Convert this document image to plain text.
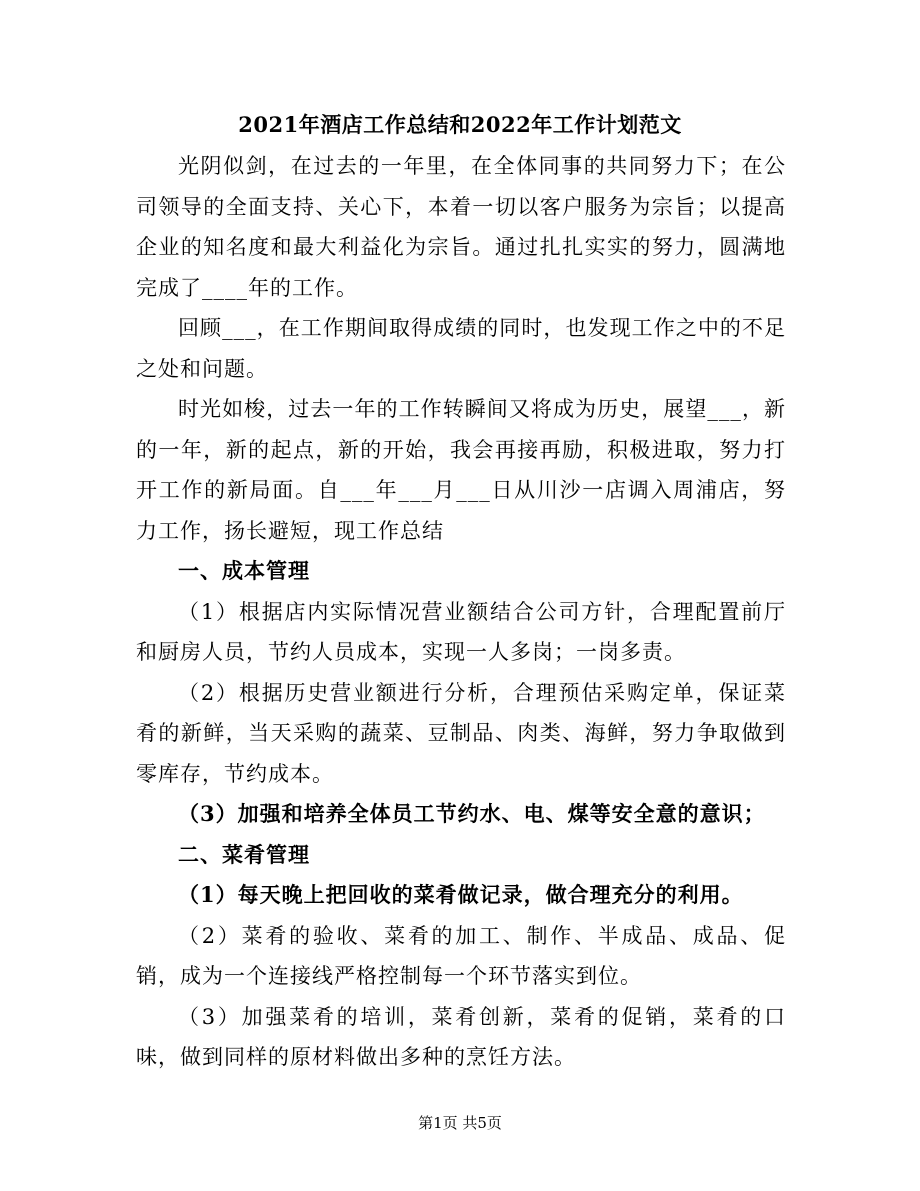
2021年酒店工作总结和2022年工作计划范文

光阴似剑，在过去的一年里，在全体同事的共同努力下；在公司领导的全面支持、关心下，本着一切以客户服务为宗旨；以提高企业的知名度和最大利益化为宗旨。通过扎扎实实的努力，圆满地完成了____年的工作。

回顾___，在工作期间取得成绩的同时，也发现工作之中的不足之处和问题。

时光如梭，过去一年的工作转瞬间又将成为历史，展望___，新的一年，新的起点，新的开始，我会再接再励，积极进取，努力打开工作的新局面。自___年___月___日从川沙一店调入周浦店，努力工作，扬长避短，现工作总结

一、成本管理

（1）根据店内实际情况营业额结合公司方针，合理配置前厅和厨房人员，节约人员成本，实现一人多岗；一岗多责。

（2）根据历史营业额进行分析，合理预估采购定单，保证菜肴的新鲜，当天采购的蔬菜、豆制品、肉类、海鲜，努力争取做到零库存，节约成本。

（3）加强和培养全体员工节约水、电、煤等安全意的意识；

二、菜肴管理

（1）每天晚上把回收的菜肴做记录，做合理充分的利用。

（2）菜肴的验收、菜肴的加工、制作、半成品、成品、促销，成为一个连接线严格控制每一个环节落实到位。

（3）加强菜肴的培训，菜肴创新，菜肴的促销，菜肴的口味，做到同样的原材料做出多种的烹饪方法。

第1页 共5页
